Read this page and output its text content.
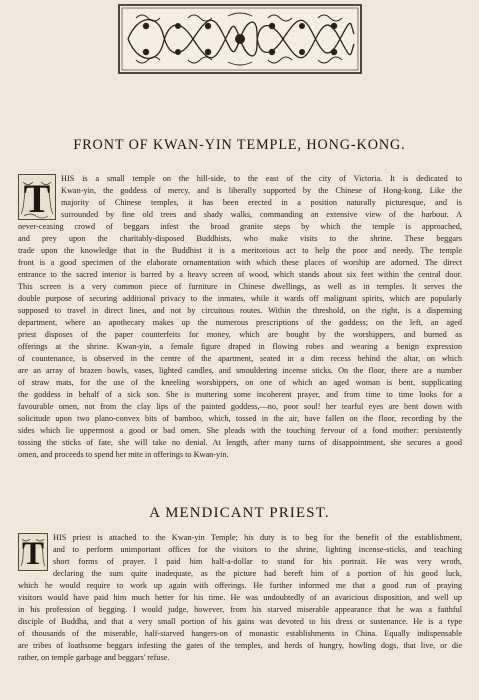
FRONT OF KWAN-YIN TEMPLE, HONG-KONG.
T HIS is a small temple on the hill-side, to the east of the city of Victoria. It is dedicated to
Kwan-yin, the goddess of mercy, and is liberally supported by the Chinese of Hong-kong. Like the
majority of Chinese temples, it has been erected in a position naturally picturesque, and is
surrounded by fine old trees and shady walks, commanding an extensive view of the harbour. A
never-ceasing crowd of beggars infest the broad granite steps by which the temple is approached,
and prey upon the charitably-disposed Buddhists, who make visits to the shrine. These beggars
trade upon the knowledge that in the Buddhist it is a meritorious act to help the poor and needy. The temple
front is a good specimen of the elaborate ornamentation with which these places of worship are adorned. The direct
entrance to the sacred interior is barred by a heavy screen of wood, which stands about six feet within the central door.
This screen is a very common piece of furniture in Chinese dwellings, as well as in temples. It serves the
double purpose of securing additional privacy to the inmates, while it wards off malignant spirits, which are popularly
supposed to travel in direct lines, and not by circuitous routes. Within the threshold, on the right, is a dispensing
department, where an apothecary makes up the numerous prescriptions of the goddess; on the left, an aged
priest disposes of the paper counterfeits for money, which are bought by the worshippers, and burned as
offerings at the shrine. Kwan-yin, a female figure draped in flowing robes and wearing a benign expression
of countenance, is observed in the centre of the apartment, seated in a dim recess behind the altar, on which
are an array of brazen bowls, vases, lighted candles, and smouldering incense sticks. On the floor, there are a number
of straw mats, for the use of the kneeling worshippers, on one of which an aged woman is bent, supplicating
the goddess in behalf of a sick son. She is muttering some incoherent prayer, and from time to time looks for a
favourable omen, not from the clay lips of the painted goddess,—no, poor soul! her tearful eyes are bent down with
solicitude upon two plano-convex bits of bamboo, which, tossed in the air, have fallen on the floor, recording by the
sides which lie uppermost a good or bad omen. She pleads with the touching fervour of a fond mother: persistently
tossing the sticks of fate, she will take no denial. At length, after many turns of disappointment, she secures a good
omen, and proceeds to spend her mite in offerings to Kwan-yin.
A MENDICANT PRIEST.
T HIS priest is attached to the Kwan-yin Temple; his duty is to beg for the benefit of the establishment,
and to perform unimportant offices for the visitors to the shrine, lighting incense-sticks, and teaching
short forms of prayer. I paid him half-a-dollar to stand for his portrait. He was very wroth,
declaring the sum quite inadequate, as the picture had bereft him of a portion of his good luck,
which he would require to work up again with offerings. He further informed me that a good run of praying
visitors would have paid him much better for his time. He was undoubtedly of an avaricious disposition, and well up
in his profession of begging. I would judge, however, from his starved miserable appearance that he was a faithful
disciple of Buddha, and that a very small portion of his gains was devoted to his dress or sustenance. He is a type
of thousands of the miserable, half-starved hangers-on of monastic establishments in China. Equally indispensable
are tribes of loathsome beggars infesting the gates of the temples, and herds of hungry, howling dogs, that live, or die
rather, on temple garbage and beggars' refuse.
